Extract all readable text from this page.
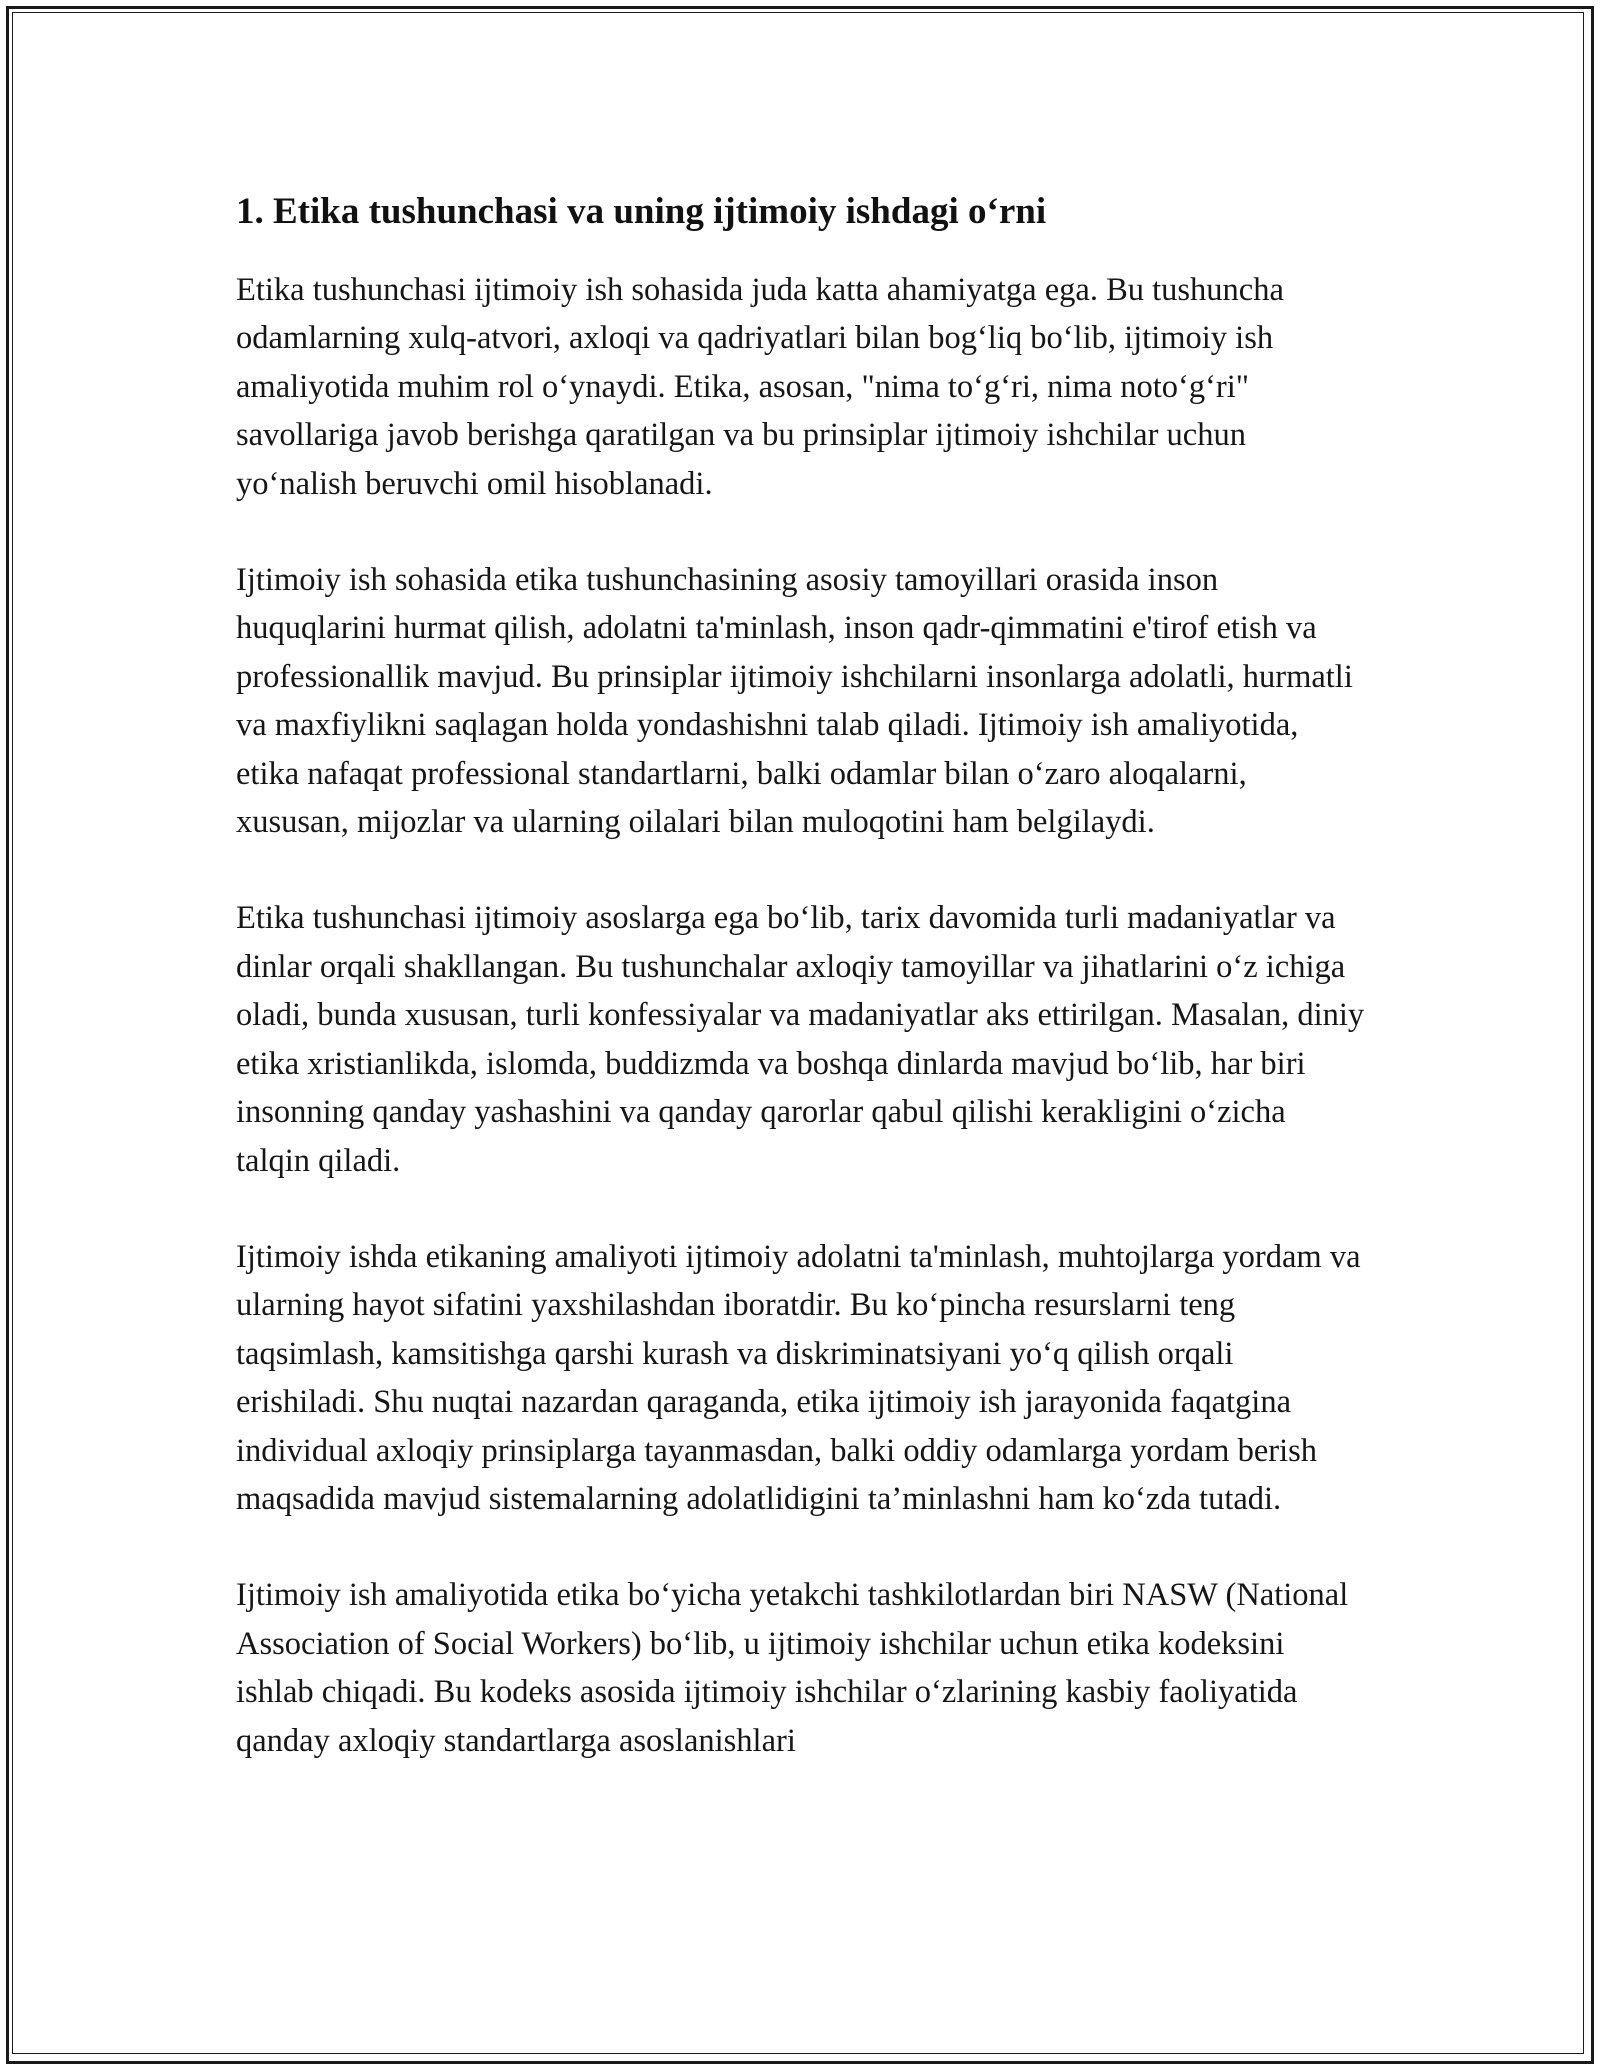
1. Etika tushunchasi va uning ijtimoiy ishdagi o‘rni

Etika tushunchasi ijtimoiy ish sohasida juda katta ahamiyatga ega. Bu tushuncha odamlarning xulq-atvori, axloqi va qadriyatlari bilan bog‘liq bo‘lib, ijtimoiy ish amaliyotida muhim rol o‘ynaydi. Etika, asosan, "nima to‘g‘ri, nima noto‘g‘ri" savollariga javob berishga qaratilgan va bu prinsiplar ijtimoiy ishchilar uchun yo‘nalish beruvchi omil hisoblanadi.

Ijtimoiy ish sohasida etika tushunchasining asosiy tamoyillari orasida inson huquqlarini hurmat qilish, adolatni ta'minlash, inson qadr-qimmatini e'tirof etish va professionallik mavjud. Bu prinsiplar ijtimoiy ishchilarni insonlarga adolatli, hurmatli va maxfiylikni saqlagan holda yondashishni talab qiladi. Ijtimoiy ish amaliyotida, etika nafaqat professional standartlarni, balki odamlar bilan o‘zaro aloqalarni, xususan, mijozlar va ularning oilalari bilan muloqotini ham belgilaydi.

Etika tushunchasi ijtimoiy asoslarga ega bo‘lib, tarix davomida turli madaniyatlar va dinlar orqali shakllangan. Bu tushunchalar axloqiy tamoyillar va jihatlarini o‘z ichiga oladi, bunda xususan, turli konfessiyalar va madaniyatlar aks ettirilgan. Masalan, diniy etika xristianlikda, islomda, buddizmda va boshqa dinlarda mavjud bo‘lib, har biri insonning qanday yashashini va qanday qarorlar qabul qilishi kerakligini o‘zicha talqin qiladi.

Ijtimoiy ishda etikaning amaliyoti ijtimoiy adolatni ta'minlash, muhtojlarga yordam va ularning hayot sifatini yaxshilashdan iboratdir. Bu ko‘pincha resurslarni teng taqsimlash, kamsitishga qarshi kurash va diskriminatsiyani yo‘q qilish orqali erishiladi. Shu nuqtai nazardan qaraganda, etika ijtimoiy ish jarayonida faqatgina individual axloqiy prinsiplarga tayanmasdan, balki oddiy odamlarga yordam berish maqsadida mavjud sistemalarning adolatlidigini ta’minlashni ham ko‘zda tutadi.

Ijtimoiy ish amaliyotida etika bo‘yicha yetakchi tashkilotlardan biri NASW (National Association of Social Workers) bo‘lib, u ijtimoiy ishchilar uchun etika kodeksini ishlab chiqadi. Bu kodeks asosida ijtimoiy ishchilar o‘zlarining kasbiy faoliyatida qanday axloqiy standartlarga asoslanishlari
